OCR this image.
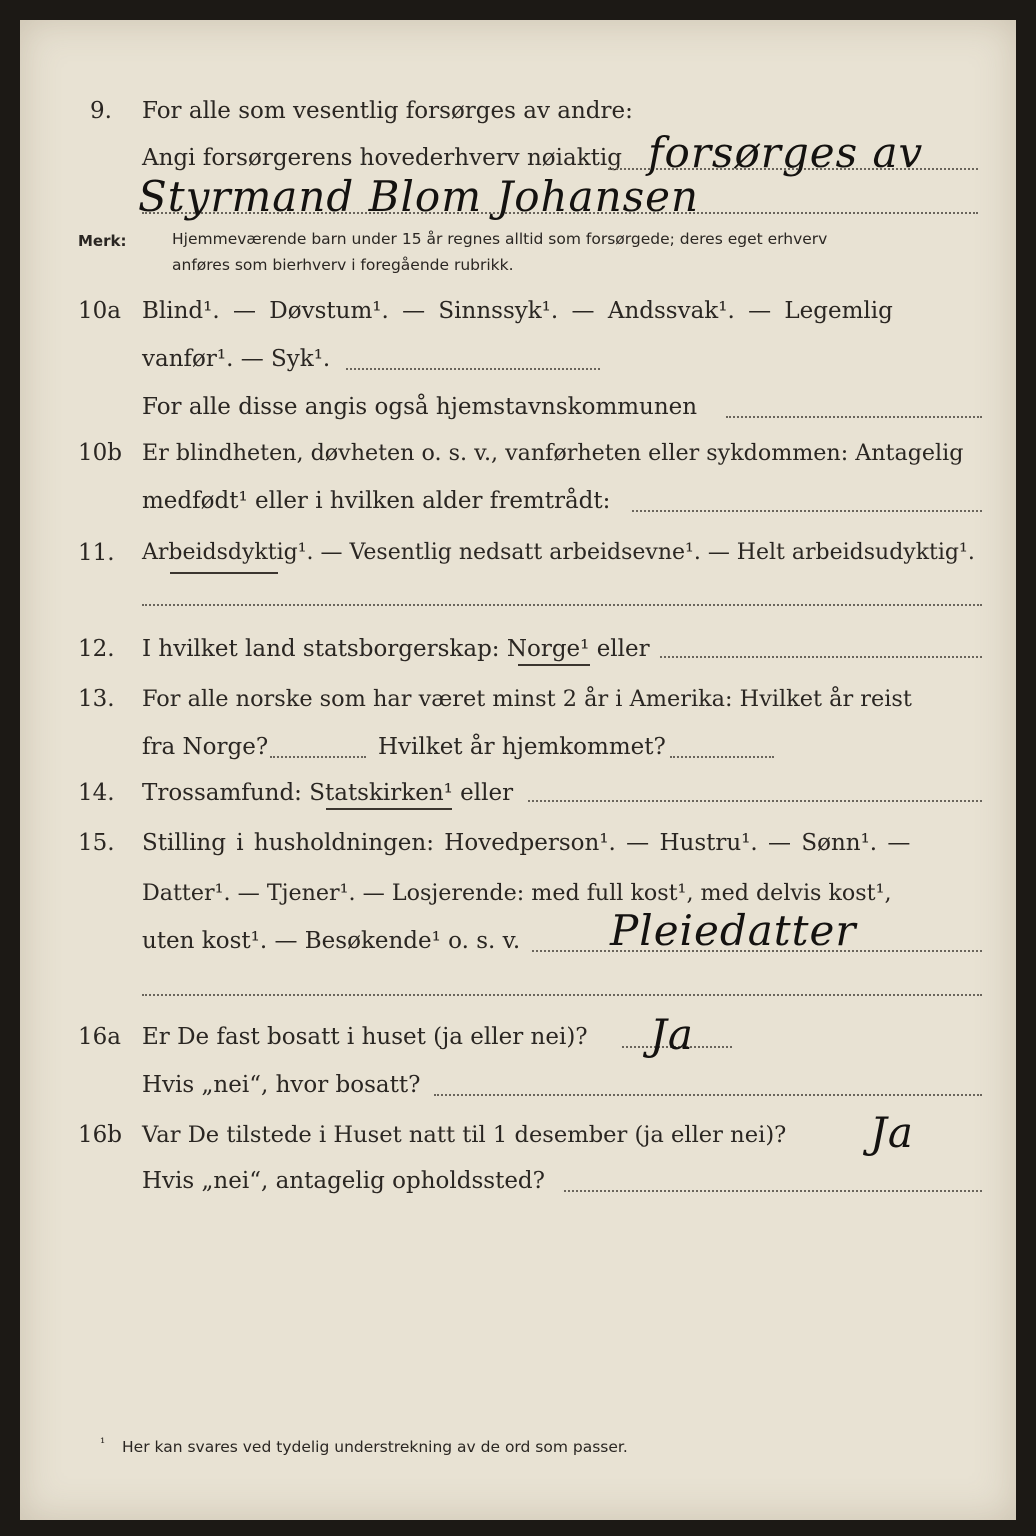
9. For alle som vesentlig forsørges av andre:
Angi forsørgerens hovederhverv nøiaktig forsørges av
Styrmand Blom Johansen
Merk:	Hjemmeværende barn under 15 år regnes alltid som forsørgede; deres eget erhverv
anføres som bierhverv i foregående rubrikk.
10a Blind¹. — Døvstum¹. — Sinnssyk¹. — Andssvak¹. — Legemlig
vanfør¹. — Syk¹.
For alle disse angis også hjemstavnskommunen
10b Er blindheten, døvheten o. s. v., vanførheten eller sykdommen: Antagelig
medfødt¹ eller i hvilken alder fremtrådt:
11. Arbeidsdyktig¹. — Vesentlig nedsatt arbeidsevne¹. — Helt arbeidsudyktig¹.
12. I hvilket land statsborgerskap: Norge¹ eller
13. For alle norske som har været minst 2 år i Amerika: Hvilket år reist
fra Norge?	Hvilket år hjemkommet?
14. Trossamfund: Statskirken¹ eller
15. Stilling i husholdningen: Hovedperson¹. — Hustru¹. — Sønn¹. —
Datter¹. — Tjener¹. — Losjerende: med full kost¹, med delvis kost¹,
uten kost¹. — Besøkende¹ o. s. v. Pleiedatter
16a Er De fast bosatt i huset (ja eller nei)? Ja
Hvis „nei“, hvor bosatt?
16b Var De tilstede i Huset natt til 1 desember (ja eller nei)? Ja
Hvis „nei“, antagelig opholdssted?
¹ Her kan svares ved tydelig understrekning av de ord som passer.
